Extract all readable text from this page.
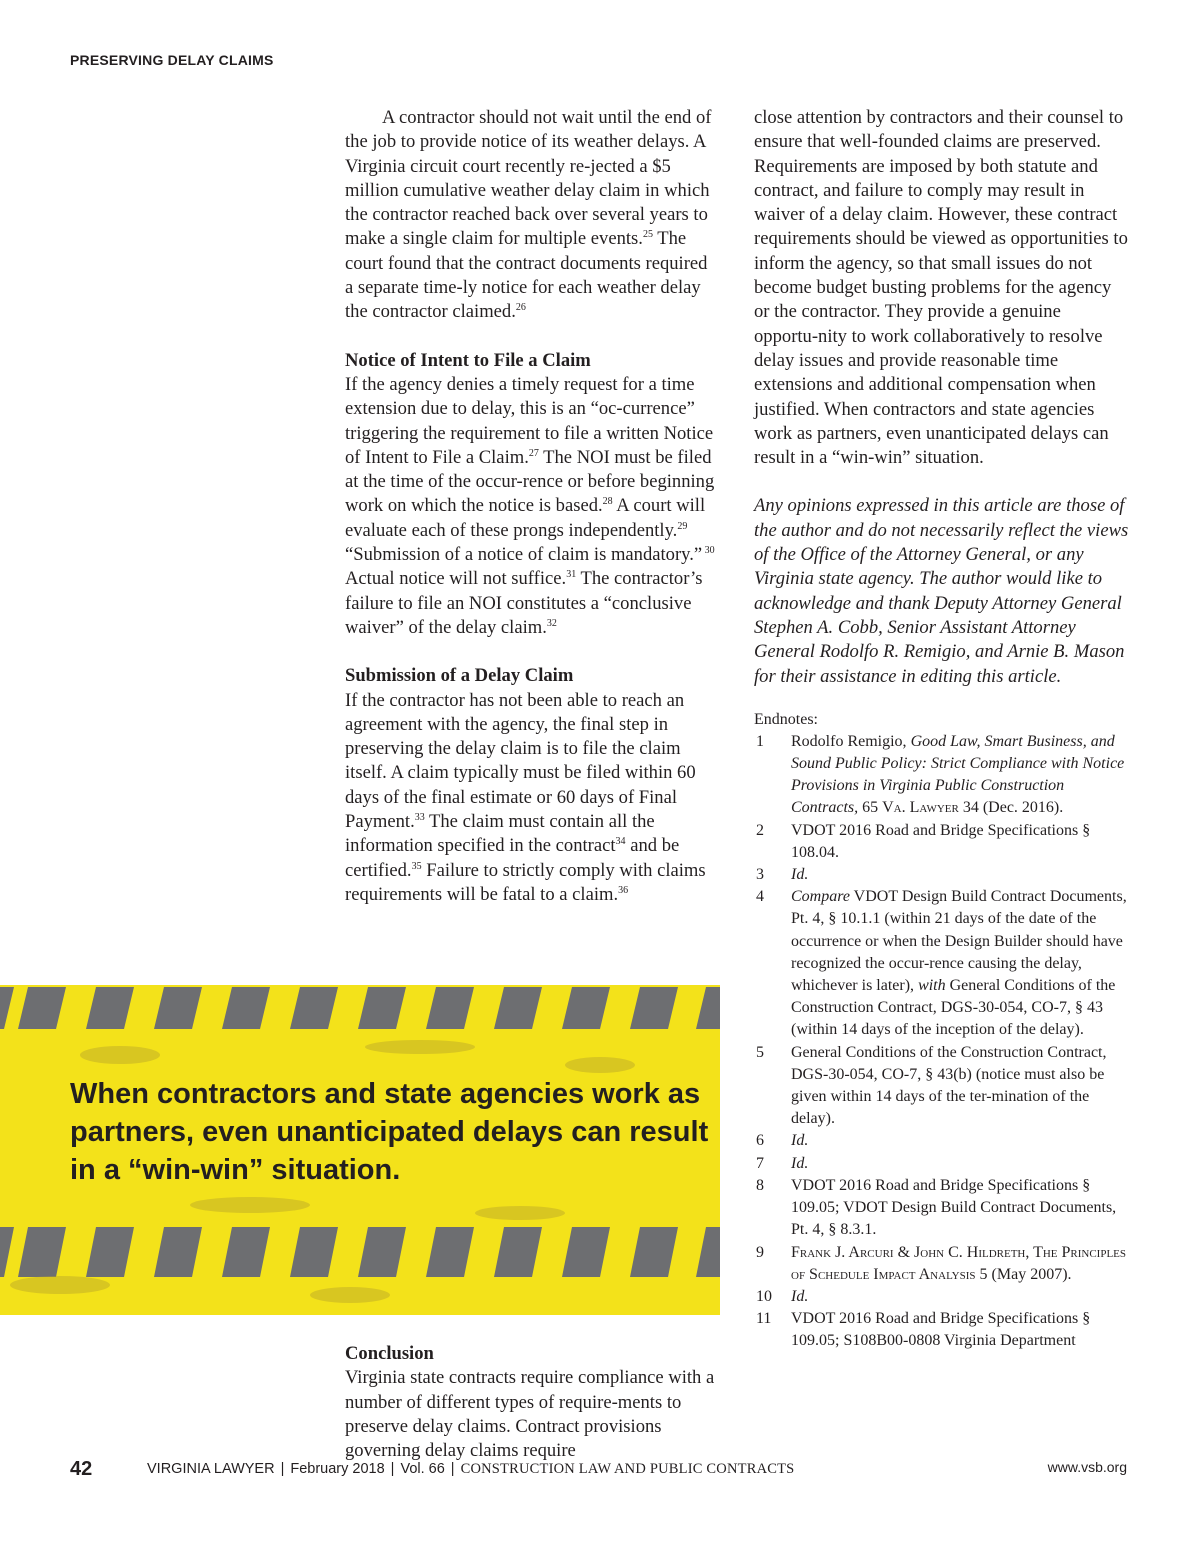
PRESERVING DELAY CLAIMS

A contractor should not wait until the end of the job to provide notice of its weather delays. A Virginia circuit court recently re-jected a $5 million cumulative weather delay claim in which the contractor reached back over several years to make a single claim for multiple events.$^{25}$ The court found that the contract documents required a separate time-ly notice for each weather delay the contractor claimed.$^{26}$

Notice of Intent to File a Claim

If the agency denies a timely request for a time extension due to delay, this is an “oc-currence” triggering the requirement to file a written Notice of Intent to File a Claim.$^{27}$ The NOI must be filed at the time of the occur-rence or before beginning work on which the notice is based.$^{28}$ A court will evaluate each of these prongs independently.$^{29}$ “Submission of a notice of claim is mandatory.” $^{30}$ Actual notice will not suffice.$^{31}$ The contractor’s failure to file an NOI constitutes a “conclusive waiver” of the delay claim.$^{32}$

Submission of a Delay Claim

If the contractor has not been able to reach an agreement with the agency, the final step in preserving the delay claim is to file the claim itself. A claim typically must be filed within 60 days of the final estimate or 60 days of Final Payment.$^{33}$ The claim must contain all the information specified in the contract$^{34}$ and be certified.$^{35}$ Failure to strictly comply with claims requirements will be fatal to a claim.$^{36}$

When contractors and state agencies work as partners, even unanticipated delays can result in a “win-win” situation.

Conclusion

Virginia state contracts require compliance with a number of different types of require-ments to preserve delay claims. Contract provisions governing delay claims require

close attention by contractors and their counsel to ensure that well-founded claims are preserved. Requirements are imposed by both statute and contract, and failure to comply may result in waiver of a delay claim. However, these contract requirements should be viewed as opportunities to inform the agency, so that small issues do not become budget busting problems for the agency or the contractor. They provide a genuine opportu-nity to work collaboratively to resolve delay issues and provide reasonable time extensions and additional compensation when justified. When contractors and state agencies work as partners, even unanticipated delays can result in a “win-win” situation.

Any opinions expressed in this article are those of the author and do not necessarily reflect the views of the Office of the Attorney General, or any Virginia state agency. The author would like to acknowledge and thank Deputy Attorney General Stephen A. Cobb, Senior Assistant Attorney General Rodolfo R. Remigio, and Arnie B. Mason for their assistance in editing this article.

Endnotes:

1 Rodolfo Remigio, Good Law, Smart Business, and Sound Public Policy: Strict Compliance with Notice Provisions in Virginia Public Construction Contracts, 65 Va. Lawyer 34 (Dec. 2016).
2 VDOT 2016 Road and Bridge Specifications § 108.04.
3 Id.
4 Compare VDOT Design Build Contract Documents, Pt. 4, § 10.1.1 (within 21 days of the date of the occurrence or when the Design Builder should have recognized the occur-rence causing the delay, whichever is later), with General Conditions of the Construction Contract, DGS-30-054, CO-7, § 43 (within 14 days of the inception of the delay).
5 General Conditions of the Construction Contract, DGS-30-054, CO-7, § 43(b) (notice must also be given within 14 days of the ter-mination of the delay).
6 Id.
7 Id.
8 VDOT 2016 Road and Bridge Specifications § 109.05; VDOT Design Build Contract Documents, Pt. 4, § 8.3.1.
9 Frank J. Arcuri & John C. Hildreth, The Principles of Schedule Impact Analysis 5 (May 2007).
10 Id.
11 VDOT 2016 Road and Bridge Specifications § 109.05; S108B00-0808 Virginia Department
42	VIRGINIA LAWYER | February 2018 | Vol. 66 | CONSTRUCTION LAW AND PUBLIC CONTRACTS	www.vsb.org
